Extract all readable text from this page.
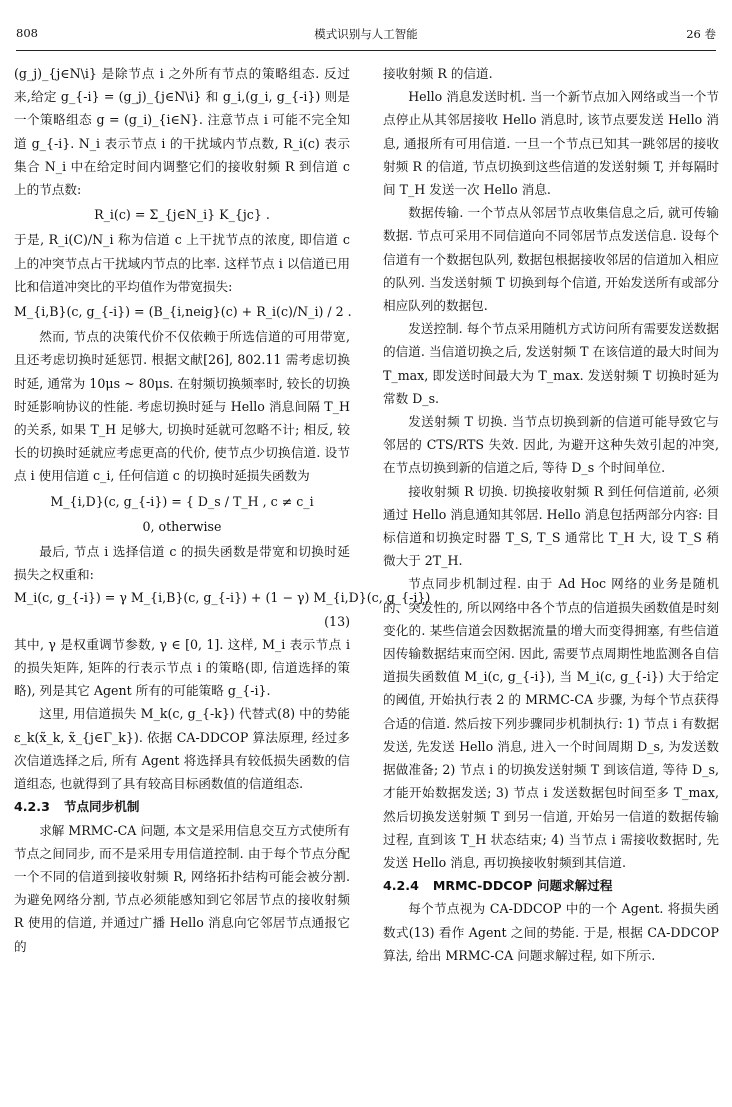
808	模式识别与人工智能	26 卷

(g_j)_{j∈N\i} 是除节点 i 之外所有节点的策略组态. 反过来,给定 g_{-i} = (g_j)_{j∈N\i} 和 g_i,(g_i, g_{-i}) 则是一个策略组态 g = (g_i)_{i∈N}. 注意节点 i 可能不完全知道 g_{-i}. N_i 表示节点 i 的干扰域内节点数, R_i(c) 表示集合 N_i 中在给定时间内调整它们的接收射频 R 到信道 c 上的节点数:

R_i(c) = Σ_{j∈N_i} K_{jc} .

于是, R_i(C)/N_i 称为信道 c 上干扰节点的浓度, 即信道 c 上的冲突节点占干扰域内节点的比率. 这样节点 i 以信道已用比和信道冲突比的平均值作为带宽损失:

M_{i,B}(c, g_{-i}) = (B_{i,neig}(c) + R_i(c)/N_i) / 2 .

然而, 节点的决策代价不仅依赖于所选信道的可用带宽, 且还考虑切换时延惩罚. 根据文献[26], 802.11 需考虑切换时延, 通常为 10μs ~ 80μs. 在射频切换频率时, 较长的切换时延影响协议的性能. 考虑切换时延与 Hello 消息间隔 T_H 的关系, 如果 T_H 足够大, 切换时延就可忽略不计; 相反, 较长的切换时延就应考虑更高的代价, 使节点少切换信道. 设节点 i 使用信道 c_i, 任何信道 c 的切换时延损失函数为

M_{i,D}(c, g_{-i}) = { D_s / T_H , c ≠ c_i

0, otherwise

最后, 节点 i 选择信道 c 的损失函数是带宽和切换时延损失之权重和:

M_i(c, g_{-i}) = γ M_{i,B}(c, g_{-i}) + (1 − γ) M_{i,D}(c, g_{-i}) ,

(13)

其中, γ 是权重调节参数, γ ∈ [0, 1]. 这样, M_i 表示节点 i 的损失矩阵, 矩阵的行表示节点 i 的策略(即, 信道选择的策略), 列是其它 Agent 所有的可能策略 g_{-i}.

这里, 用信道损失 M_k(c, g_{-k}) 代替式(8) 中的势能 ε_k(x̃_k, x̃_{j∈Γ_k}). 依据 CA-DDCOP 算法原理, 经过多次信道选择之后, 所有 Agent 将选择具有较低损失函数的信道组态, 也就得到了具有较高目标函数值的信道组态.

4.2.3 节点同步机制

求解 MRMC-CA 问题, 本文是采用信息交互方式使所有节点之间同步, 而不是采用专用信道控制. 由于每个节点分配一个不同的信道到接收射频 R, 网络拓扑结构可能会被分割. 为避免网络分割, 节点必须能感知到它邻居节点的接收射频 R 使用的信道, 并通过广播 Hello 消息向它邻居节点通报它的

接收射频 R 的信道.

Hello 消息发送时机. 当一个新节点加入网络或当一个节点停止从其邻居接收 Hello 消息时, 该节点要发送 Hello 消息, 通报所有可用信道. 一旦一个节点已知其一跳邻居的接收射频 R 的信道, 节点切换到这些信道的发送射频 T, 并每隔时间 T_H 发送一次 Hello 消息.

数据传输. 一个节点从邻居节点收集信息之后, 就可传输数据. 节点可采用不同信道向不同邻居节点发送信息. 设每个信道有一个数据包队列, 数据包根据接收邻居的信道加入相应的队列. 当发送射频 T 切换到每个信道, 开始发送所有或部分相应队列的数据包.

发送控制. 每个节点采用随机方式访问所有需要发送数据的信道. 当信道切换之后, 发送射频 T 在该信道的最大时间为 T_max, 即发送时间最大为 T_max. 发送射频 T 切换时延为常数 D_s.

发送射频 T 切换. 当节点切换到新的信道可能导致它与邻居的 CTS/RTS 失效. 因此, 为避开这种失效引起的冲突, 在节点切换到新的信道之后, 等待 D_s 个时间单位.

接收射频 R 切换. 切换接收射频 R 到任何信道前, 必须通过 Hello 消息通知其邻居. Hello 消息包括两部分内容: 目标信道和切换定时器 T_S, T_S 通常比 T_H 大, 设 T_S 稍微大于 2T_H.

节点同步机制过程. 由于 Ad Hoc 网络的业务是随机的、突发性的, 所以网络中各个节点的信道损失函数值是时刻变化的. 某些信道会因数据流量的增大而变得拥塞, 有些信道因传输数据结束而空闲. 因此, 需要节点周期性地监测各自信道损失函数值 M_i(c, g_{-i}), 当 M_i(c, g_{-i}) 大于给定的阈值, 开始执行表 2 的 MRMC-CA 步骤, 为每个节点获得合适的信道. 然后按下列步骤同步机制执行: 1) 节点 i 有数据发送, 先发送 Hello 消息, 进入一个时间周期 D_s, 为发送数据做准备; 2) 节点 i 的切换发送射频 T 到该信道, 等待 D_s, 才能开始数据发送; 3) 节点 i 发送数据包时间至多 T_max, 然后切换发送射频 T 到另一信道, 开始另一信道的数据传输过程, 直到该 T_H 状态结束; 4) 当节点 i 需接收数据时, 先发送 Hello 消息, 再切换接收射频到其信道.

4.2.4 MRMC-DDCOP 问题求解过程

每个节点视为 CA-DDCOP 中的一个 Agent. 将损失函数式(13) 看作 Agent 之间的势能. 于是, 根据 CA-DDCOP 算法, 给出 MRMC-CA 问题求解过程, 如下所示.
